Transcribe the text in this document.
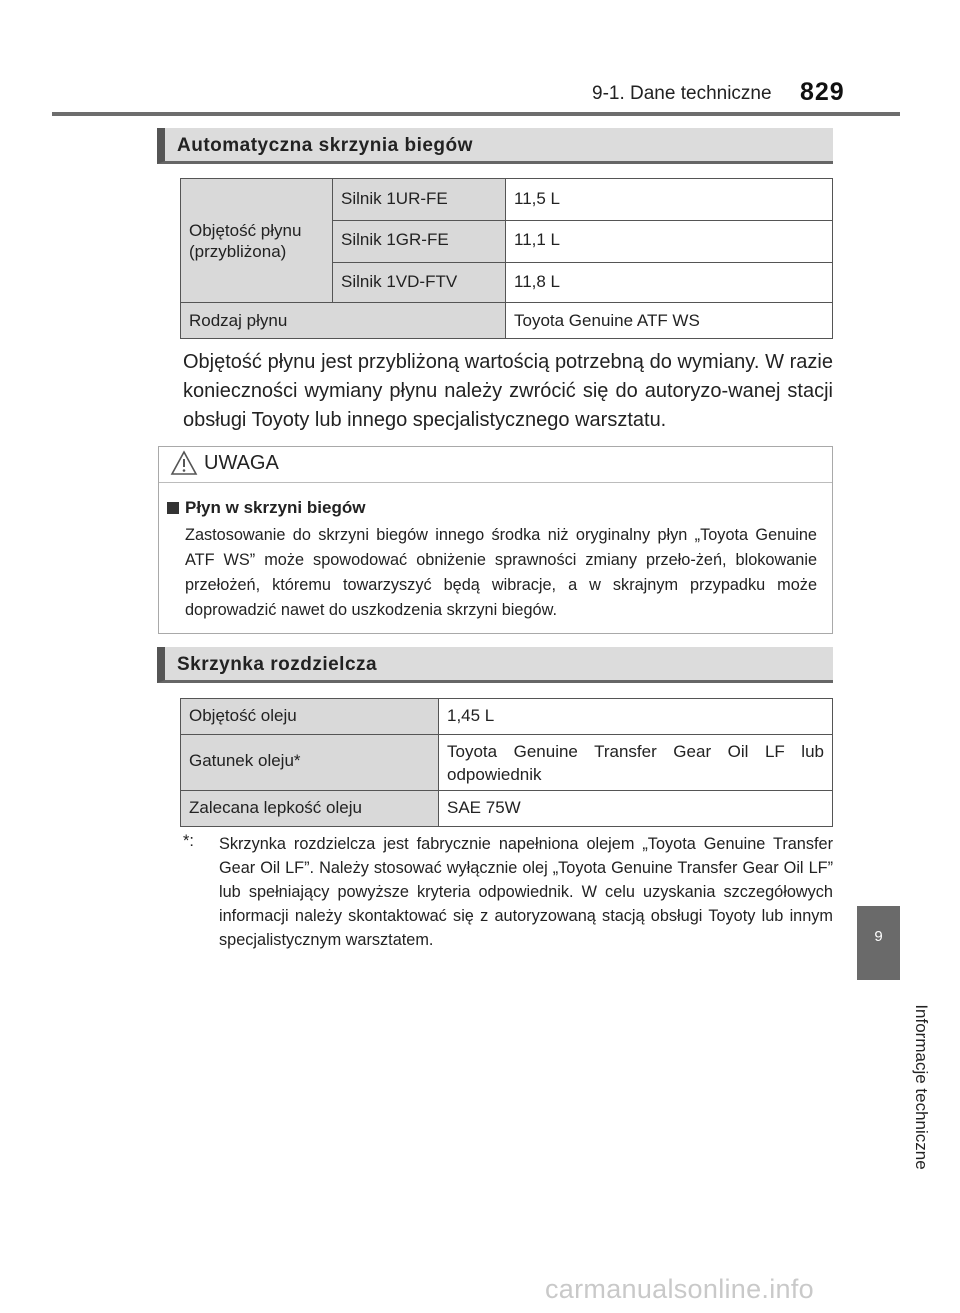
9-1. Dane techniczne 829
9
Informacje techniczne
Automatyczna skrzynia biegów
Objętość płynu (przybliżona)	Silnik 1UR-FE	11,5 L
	Silnik 1GR-FE	11,1 L
	Silnik 1VD-FTV	11,8 L
Rodzaj płynu		Toyota Genuine ATF WS
Objętość płynu jest przybliżoną wartością potrzebną do wymiany. W razie konieczności wymiany płynu należy zwrócić się do autoryzo-wanej stacji obsługi Toyoty lub innego specjalistycznego warsztatu.
UWAGA
Płyn w skrzyni biegów
Zastosowanie do skrzyni biegów innego środka niż oryginalny płyn „Toyota Genuine ATF WS” może spowodować obniżenie sprawności zmiany przeło-żeń, blokowanie przełożeń, któremu towarzyszyć będą wibracje, a w skrajnym przypadku może doprowadzić nawet do uszkodzenia skrzyni biegów.
Skrzynka rozdzielcza
Objętość oleju	1,45 L
Gatunek oleju*	Toyota Genuine Transfer Gear Oil LF lub odpowiednik
Zalecana lepkość oleju	SAE 75W
*: Skrzynka rozdzielcza jest fabrycznie napełniona olejem „Toyota Genuine Transfer Gear Oil LF”. Należy stosować wyłącznie olej „Toyota Genuine Transfer Gear Oil LF” lub spełniający powyższe kryteria odpowiednik. W celu uzyskania szczegółowych informacji należy skontaktować się z autoryzowaną stacją obsługi Toyoty lub innym specjalistycznym warsztatem.
carmanualsonline.info
